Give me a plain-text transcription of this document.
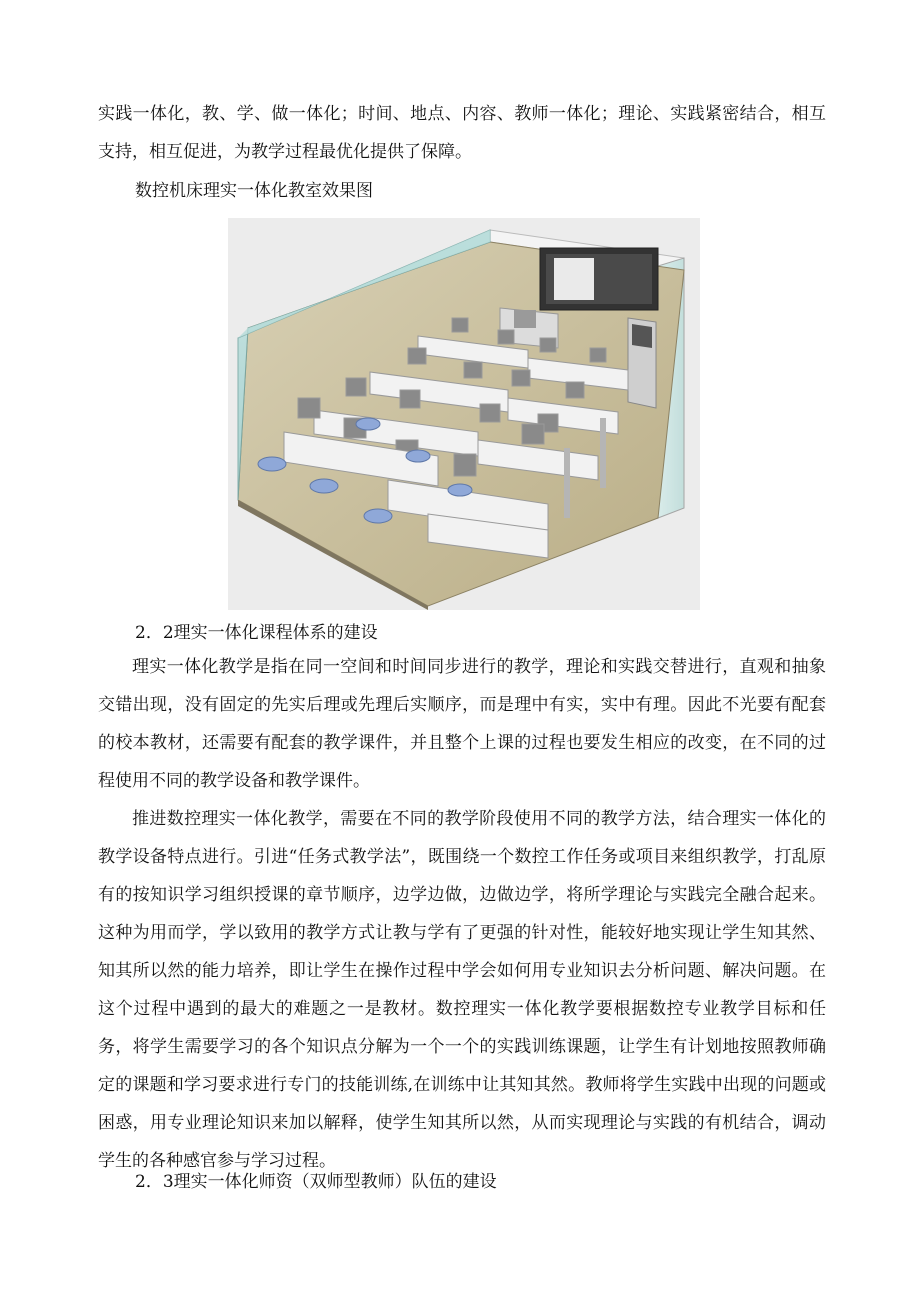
实践一体化，教、学、做一体化；时间、地点、内容、教师一体化；理论、实践紧密结合，相互支持，相互促进，为教学过程最优化提供了保障。

数控机床理实一体化教室效果图

2．2理实一体化课程体系的建设

理实一体化教学是指在同一空间和时间同步进行的教学，理论和实践交替进行，直观和抽象交错出现，没有固定的先实后理或先理后实顺序，而是理中有实，实中有理。因此不光要有配套的校本教材，还需要有配套的教学课件，并且整个上课的过程也要发生相应的改变，在不同的过程使用不同的教学设备和教学课件。

推进数控理实一体化教学，需要在不同的教学阶段使用不同的教学方法，结合理实一体化的教学设备特点进行。引进“任务式教学法”，既围绕一个数控工作任务或项目来组织教学，打乱原有的按知识学习组织授课的章节顺序，边学边做，边做边学，将所学理论与实践完全融合起来。这种为用而学，学以致用的教学方式让教与学有了更强的针对性，能较好地实现让学生知其然、知其所以然的能力培养，即让学生在操作过程中学会如何用专业知识去分析问题、解决问题。在这个过程中遇到的最大的难题之一是教材。数控理实一体化教学要根据数控专业教学目标和任务，将学生需要学习的各个知识点分解为一个一个的实践训练课题，让学生有计划地按照教师确定的课题和学习要求进行专门的技能训练,在训练中让其知其然。教师将学生实践中出现的问题或困惑，用专业理论知识来加以解释，使学生知其所以然，从而实现理论与实践的有机结合，调动学生的各种感官参与学习过程。

2．3理实一体化师资（双师型教师）队伍的建设
